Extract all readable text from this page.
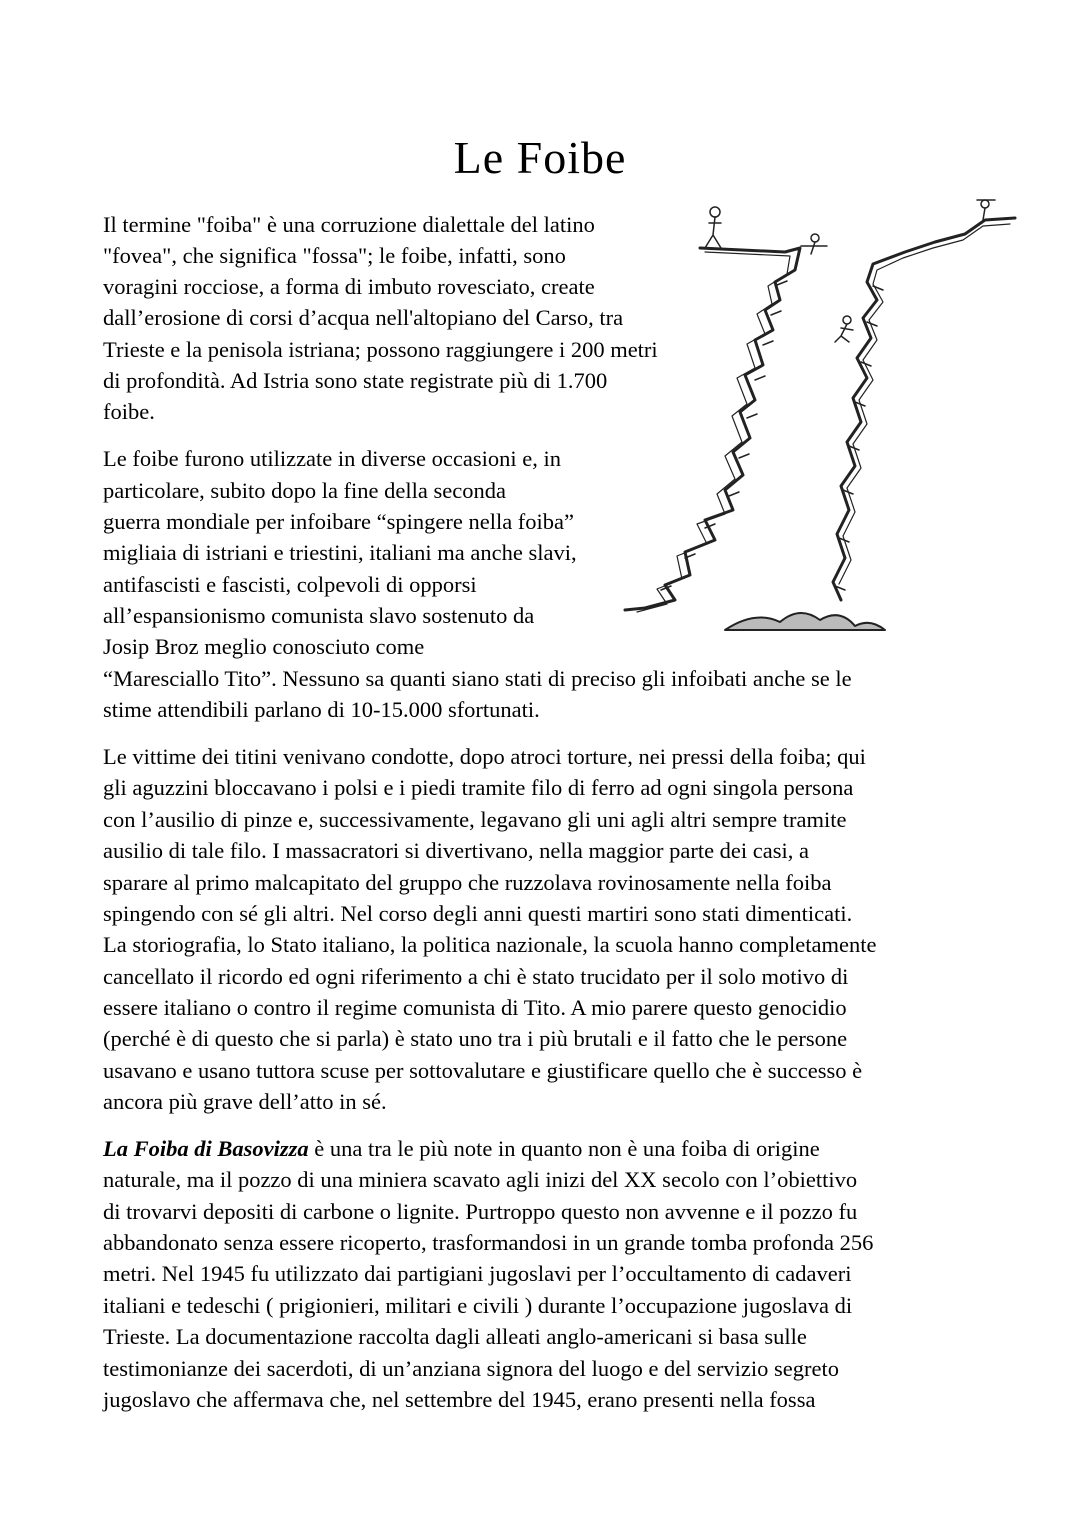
Le Foibe

Il termine "foiba" è una corruzione dialettale del latino

"fovea", che significa "fossa"; le foibe, infatti, sono

voragini rocciose, a forma di imbuto rovesciato, create

dall’erosione di corsi d’acqua nell'altopiano del Carso, tra

Trieste e la penisola istriana; possono raggiungere i 200 metri

di profondità. Ad Istria sono state registrate più di 1.700

foibe.

Le foibe furono utilizzate in diverse occasioni e, in

particolare, subito dopo la fine della seconda

guerra mondiale per infoibare “spingere nella foiba”

migliaia di istriani e triestini, italiani ma anche slavi,

antifascisti e fascisti, colpevoli di opporsi

all’espansionismo comunista slavo sostenuto da

Josip Broz meglio conosciuto come

“Maresciallo Tito”. Nessuno sa quanti siano stati di preciso gli infoibati anche se le

stime attendibili parlano di 10-15.000 sfortunati.

Le vittime dei titini venivano condotte, dopo atroci torture, nei pressi della foiba; qui

gli aguzzini bloccavano i polsi e i piedi tramite filo di ferro ad ogni singola persona

con l’ausilio di pinze e, successivamente, legavano gli uni agli altri sempre tramite

ausilio di tale filo. I massacratori si divertivano, nella maggior parte dei casi, a

sparare al primo malcapitato del gruppo che ruzzolava rovinosamente nella foiba

spingendo con sé gli altri. Nel corso degli anni questi martiri sono stati dimenticati.

La storiografia, lo Stato italiano, la politica nazionale, la scuola hanno completamente

cancellato il ricordo ed ogni riferimento a chi è stato trucidato per il solo motivo di

essere italiano o contro il regime comunista di Tito. A mio parere questo genocidio

(perché è di questo che si parla) è stato uno tra i più brutali e il fatto che le persone

usavano e usano tuttora scuse per sottovalutare e giustificare quello che è successo è

ancora più grave dell’atto in sé.

La Foiba di Basovizza è una tra le più note in quanto non è una foiba di origine

naturale, ma il pozzo di una miniera scavato agli inizi del XX secolo con l’obiettivo

di trovarvi depositi di carbone o lignite. Purtroppo questo non avvenne e il pozzo fu

abbandonato senza essere ricoperto, trasformandosi in un grande tomba profonda 256

metri. Nel 1945 fu utilizzato dai partigiani jugoslavi per l’occultamento di cadaveri

italiani e tedeschi ( prigionieri, militari e civili ) durante l’occupazione jugoslava di

Trieste. La documentazione raccolta dagli alleati anglo-americani si basa sulle

testimonianze dei sacerdoti, di un’anziana signora del luogo e del servizio segreto

jugoslavo che affermava che, nel settembre del 1945, erano presenti nella fossa
